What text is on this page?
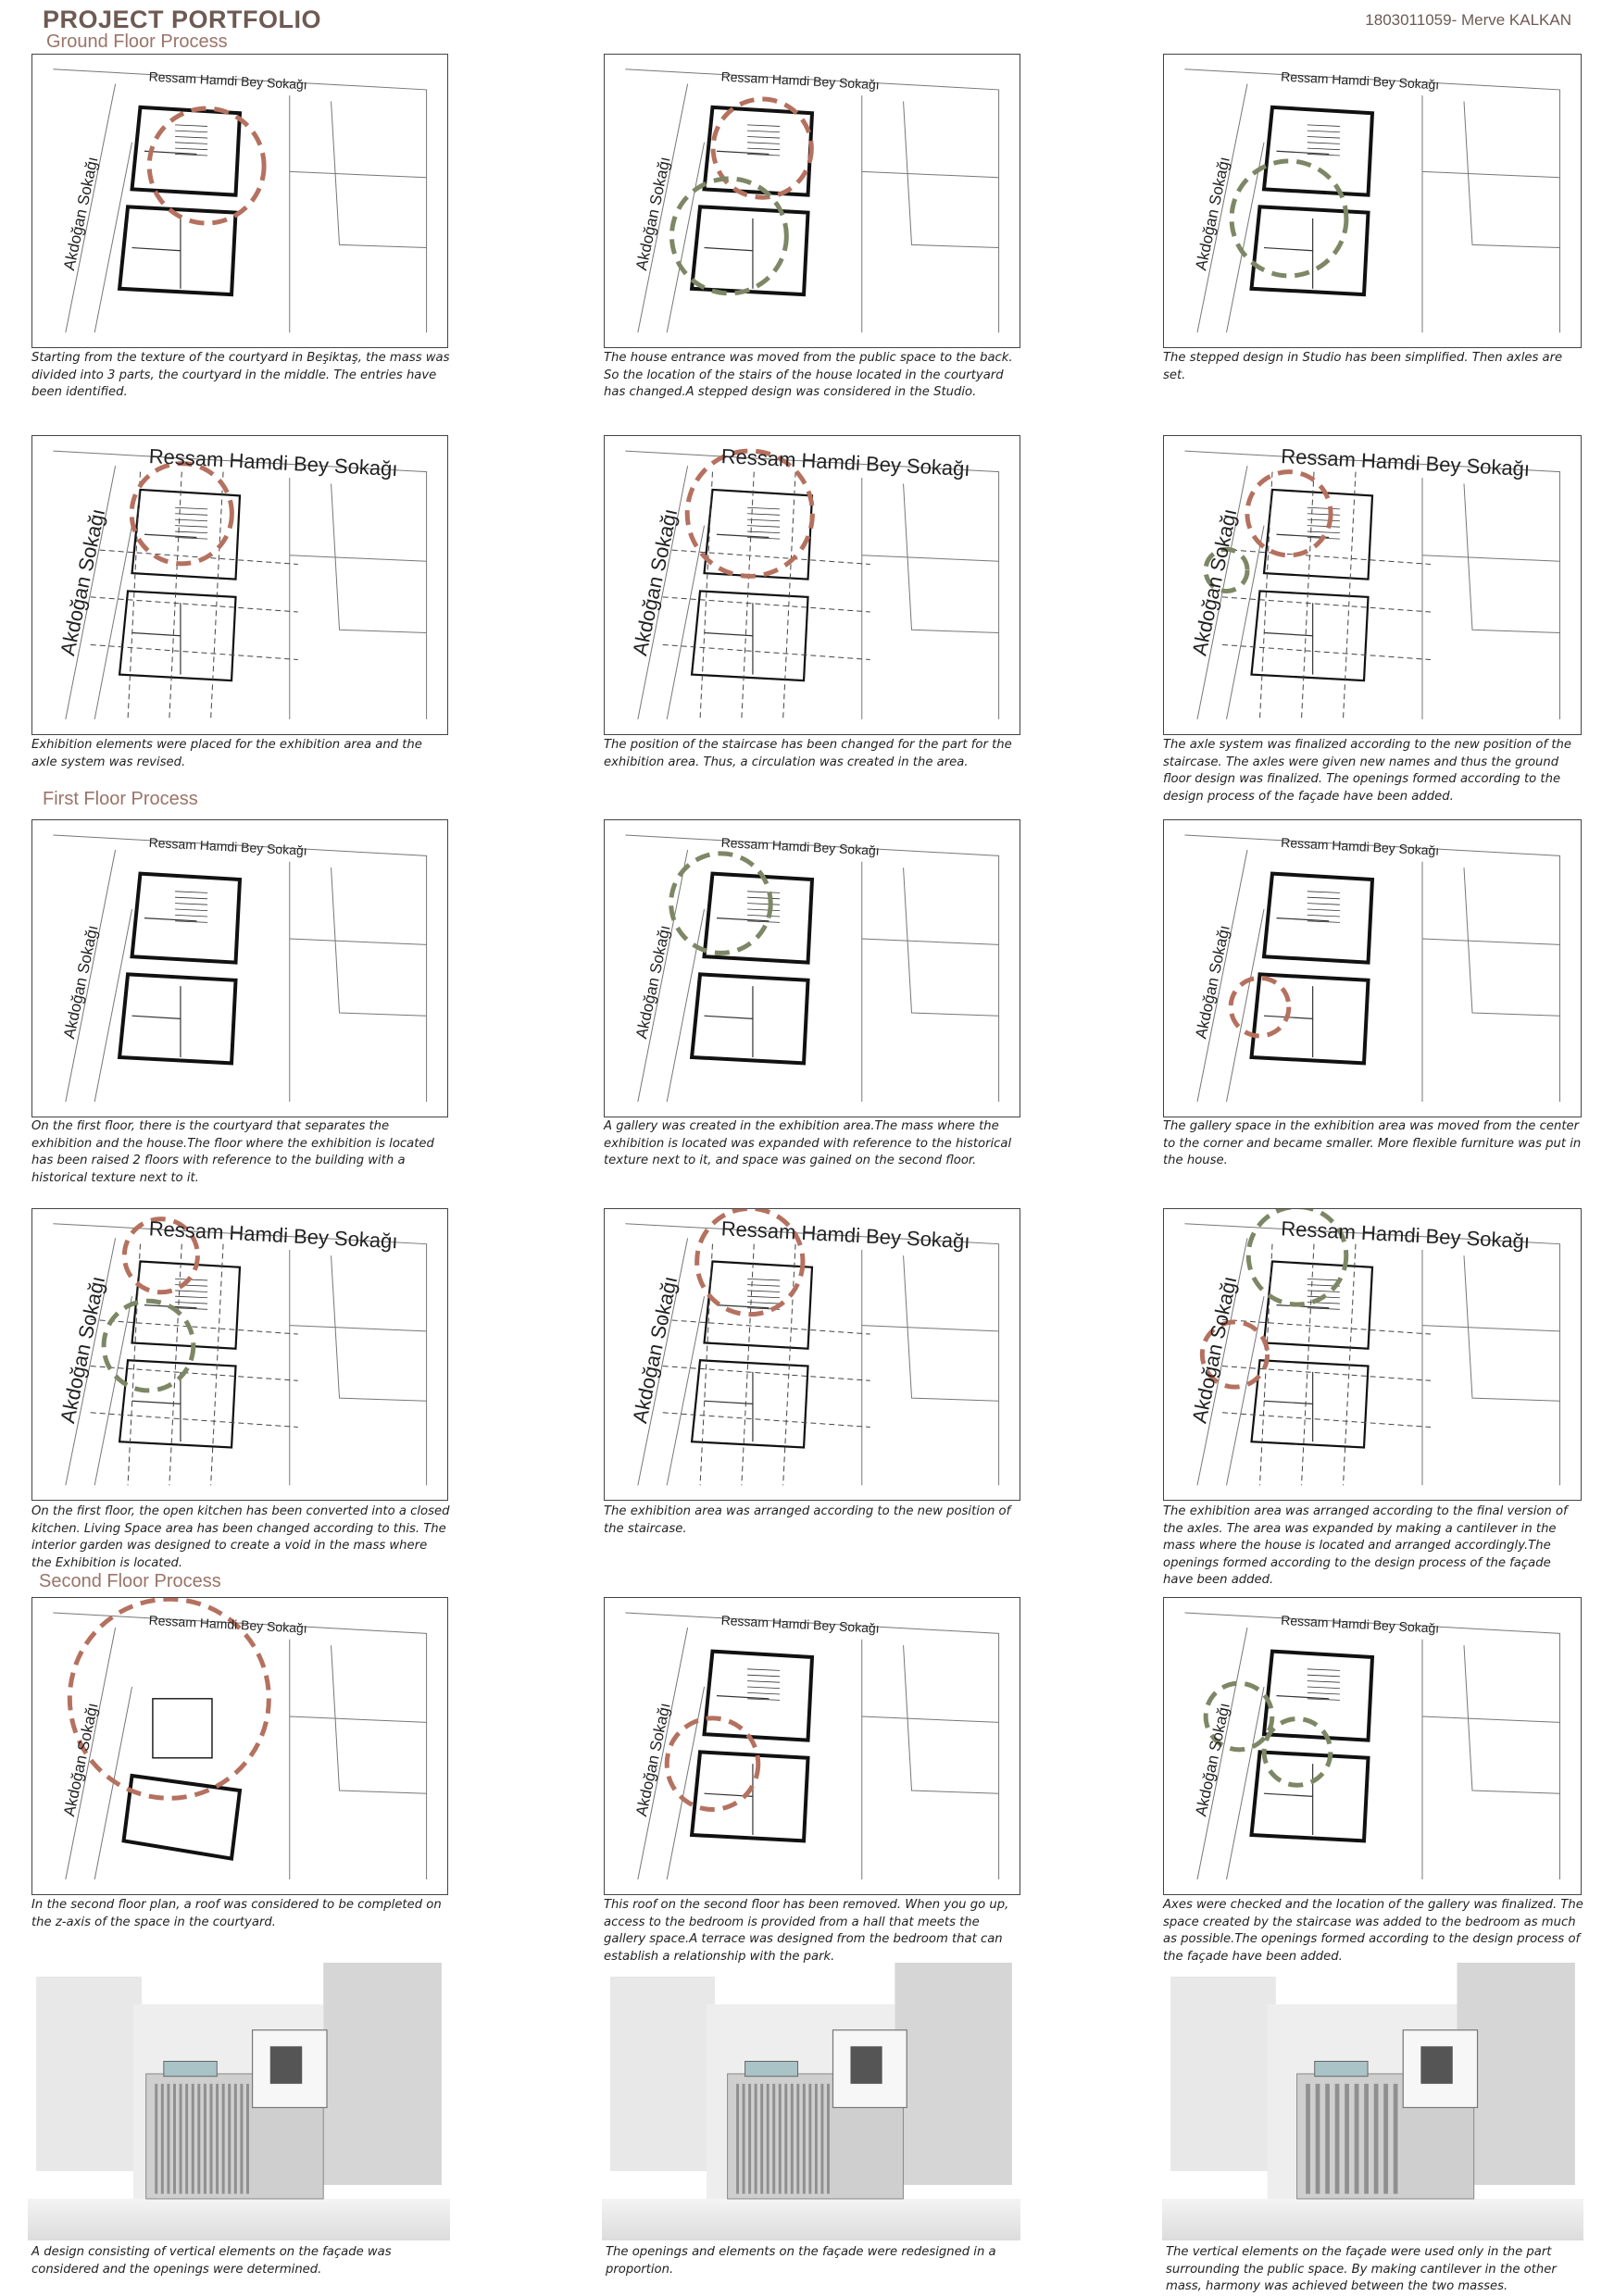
PROJECT PORTFOLIO	1803011059- Merve KALKAN
Ground Floor Process
First Floor Process
Second Floor Process
Ressam Hamdi Bey Sokağı
Akdoğan Sokağı
Starting from the texture of the courtyard in Beşiktaş, the mass was divided into 3 parts, the courtyard in the middle. The entries have been identified.
Ressam Hamdi Bey Sokağı
Akdoğan Sokağı
The house entrance was moved from the public space to the back. So the location of the stairs of the house located in the courtyard has changed.A stepped design was considered in the Studio.
Ressam Hamdi Bey Sokağı
Akdoğan Sokağı
The stepped design in Studio has been simplified. Then axles are set.
Ressam Hamdi Bey Sokağı
Akdoğan Sokağı
Exhibition elements were placed for the exhibition area and the axle system was revised.
Ressam Hamdi Bey Sokağı
Akdoğan Sokağı
The position of the staircase has been changed for the part for the exhibition area. Thus, a circulation was created in the area.
Ressam Hamdi Bey Sokağı
Akdoğan Sokağı
The axle system was finalized according to the new position of the staircase. The axles were given new names and thus the ground floor design was finalized. The openings formed according to the design process of the façade have been added.
Ressam Hamdi Bey Sokağı
Akdoğan Sokağı
On the first floor, there is the courtyard that separates the exhibition and the house.The floor where the exhibition is located has been raised 2 floors with reference to the building with a historical texture next to it.
Ressam Hamdi Bey Sokağı
Akdoğan Sokağı
A gallery was created in the exhibition area.The mass where the exhibition is located was expanded with reference to the historical texture next to it, and space was gained on the second floor.
Ressam Hamdi Bey Sokağı
Akdoğan Sokağı
The gallery space in the exhibition area was moved from the center to the corner and became smaller. More flexible furniture was put in the house.
Ressam Hamdi Bey Sokağı
Akdoğan Sokağı
On the first floor, the open kitchen has been converted into a closed kitchen. Living Space area has been changed according to this. The interior garden was designed to create a void in the mass where the Exhibition is located.
Ressam Hamdi Bey Sokağı
Akdoğan Sokağı
The exhibition area was arranged according to the new position of the staircase.
Ressam Hamdi Bey Sokağı
Akdoğan Sokağı
The exhibition area was arranged according to the final version of the axles. The area was expanded by making a cantilever in the mass where the house is located and arranged accordingly.The openings formed according to the design process of the façade have been added.
Ressam Hamdi Bey Sokağı
Akdoğan Sokağı
In the second floor plan, a roof was considered to be completed on the z-axis of the space in the courtyard.
Ressam Hamdi Bey Sokağı
Akdoğan Sokağı
This roof on the second floor has been removed. When you go up, access to the bedroom is provided from a hall that meets the gallery space.A terrace was designed from the bedroom that can establish a relationship with the park.
Ressam Hamdi Bey Sokağı
Akdoğan Sokağı
Axes were checked and the location of the gallery was finalized. The space created by the staircase was added to the bedroom as much as possible.The openings formed according to the design process of the façade have been added.
A design consisting of vertical elements on the façade was considered and the openings were determined.
The openings and elements on the façade were redesigned in a proportion.
The vertical elements on the façade were used only in the part surrounding the public space. By making cantilever in the other mass, harmony was achieved between the two masses.
